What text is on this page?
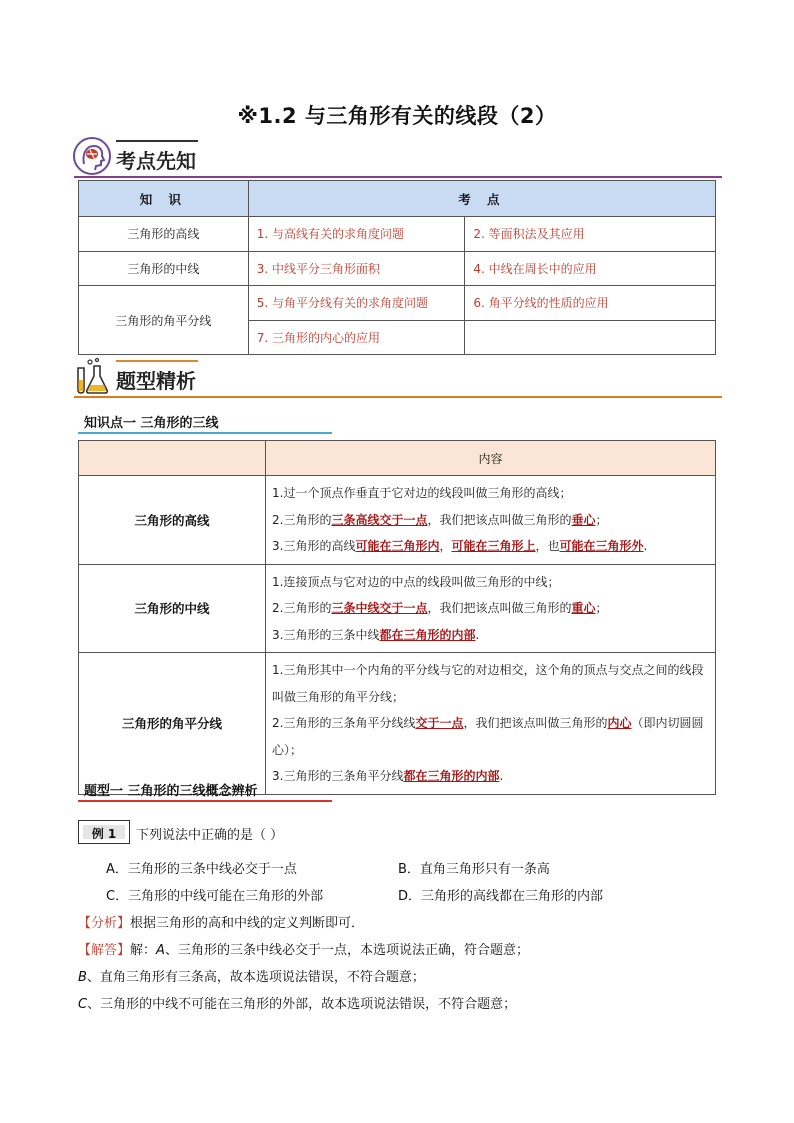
※1.2 与三角形有关的线段（2）
考点先知
知 识	考 点	
三角形的高线	1. 与高线有关的求角度问题	2. 等面积法及其应用
三角形的中线	3. 中线平分三角形面积	4. 中线在周长中的应用
三角形的角平分线	5. 与角平分线有关的求角度问题	6. 角平分线的性质的应用
	7. 三角形的内心的应用	
题型精析
知识点一 三角形的三线
	内容
三角形的高线	1.过一个顶点作垂直于它对边的线段叫做三角形的高线；
2.三角形的三条高线交于一点，我们把该点叫做三角形的垂心；
3.三角形的高线可能在三角形内，可能在三角形上，也可能在三角形外.

三角形的中线	1.连接顶点与它对边的中点的线段叫做三角形的中线；
2.三角形的三条中线交于一点，我们把该点叫做三角形的重心；
3.三角形的三条中线都在三角形的内部.

三角形的角平分线	1.三角形其中一个内角的平分线与它的对边相交，这个角的顶点与交点之间的线段叫做三角形的角平分线；
2.三角形的三条角平分线线交于一点，我们把该点叫做三角形的内心（即内切圆圆心）；
3.三角形的三条角平分线都在三角形的内部.
题型一 三角形的三线概念辨析
例 1	下列说法中正确的是（ ）
A．三角形的三条中线必交于一点	B．直角三角形只有一条高
C．三角形的中线可能在三角形的外部	D．三角形的高线都在三角形的内部
【分析】根据三角形的高和中线的定义判断即可．
【解答】解：A、三角形的三条中线必交于一点，本选项说法正确，符合题意；
B、直角三角形有三条高，故本选项说法错误，不符合题意；
C、三角形的中线不可能在三角形的外部，故本选项说法错误，不符合题意；
